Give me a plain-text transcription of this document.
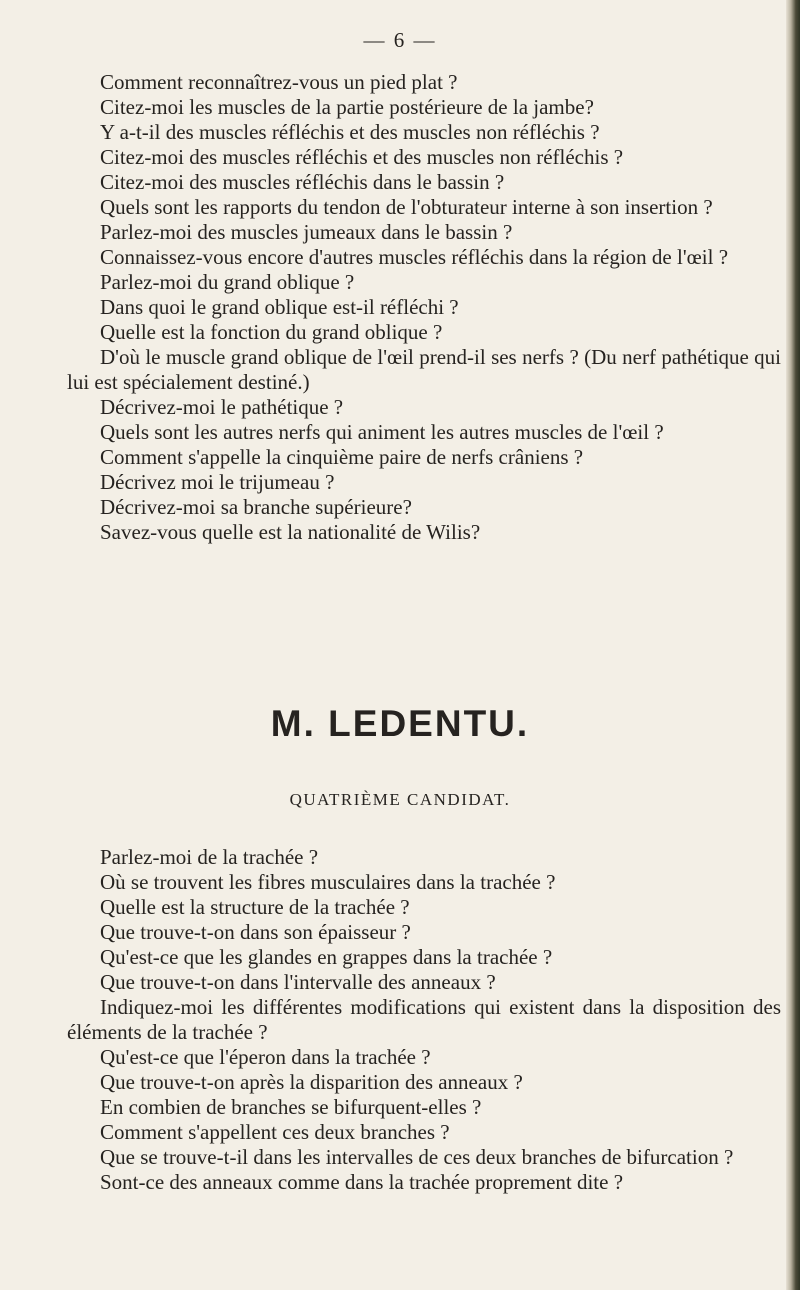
— 6 —

Comment reconnaîtrez-vous un pied plat ?

Citez-moi les muscles de la partie postérieure de la jambe?

Y a-t-il des muscles réfléchis et des muscles non réfléchis ?

Citez-moi des muscles réfléchis et des muscles non réfléchis ?

Citez-moi des muscles réfléchis dans le bassin ?

Quels sont les rapports du tendon de l'obturateur interne à son insertion ?

Parlez-moi des muscles jumeaux dans le bassin ?

Connaissez-vous encore d'autres muscles réfléchis dans la région de l'œil ?

Parlez-moi du grand oblique ?

Dans quoi le grand oblique est-il réfléchi ?

Quelle est la fonction du grand oblique ?

D'où le muscle grand oblique de l'œil prend-il ses nerfs ? (Du nerf pathétique qui lui est spécialement destiné.)

Décrivez-moi le pathétique ?

Quels sont les autres nerfs qui animent les autres muscles de l'œil ?

Comment s'appelle la cinquième paire de nerfs crâniens ?

Décrivez moi le trijumeau ?

Décrivez-moi sa branche supérieure?

Savez-vous quelle est la nationalité de Wilis?

M. LEDENTU.
QUATRIÈME CANDIDAT.

Parlez-moi de la trachée ?

Où se trouvent les fibres musculaires dans la trachée ?

Quelle est la structure de la trachée ?

Que trouve-t-on dans son épaisseur ?

Qu'est-ce que les glandes en grappes dans la trachée ?

Que trouve-t-on dans l'intervalle des anneaux ?

Indiquez-moi les différentes modifications qui existent dans la disposition des éléments de la trachée ?

Qu'est-ce que l'éperon dans la trachée ?

Que trouve-t-on après la disparition des anneaux ?

En combien de branches se bifurquent-elles ?

Comment s'appellent ces deux branches ?

Que se trouve-t-il dans les intervalles de ces deux branches de bifurcation ?

Sont-ce des anneaux comme dans la trachée proprement dite ?
